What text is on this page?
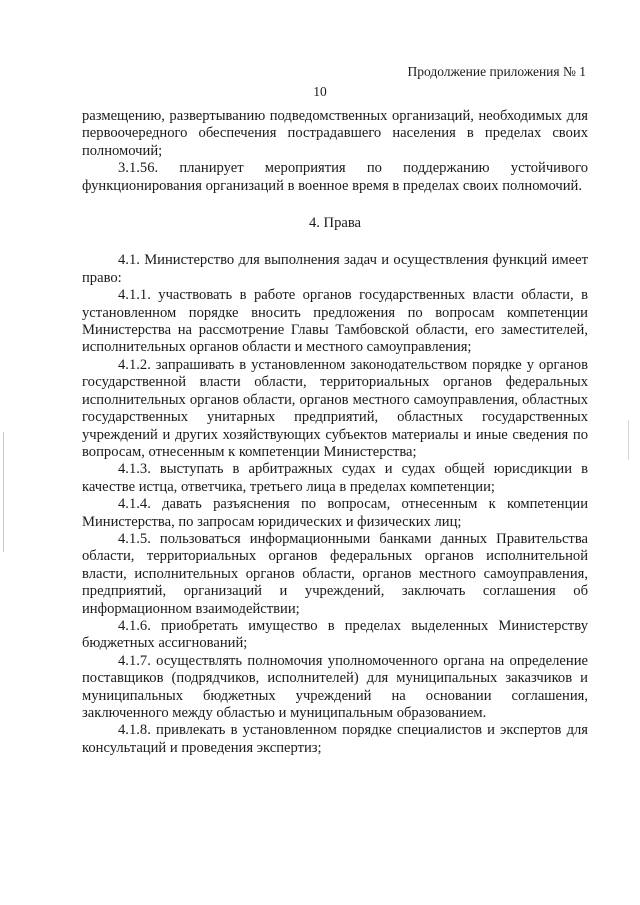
Продолжение приложения № 1
10

размещению, развертыванию подведомственных организаций, необходимых для первоочередного обеспечения пострадавшего населения в пределах своих полномочий;

3.1.56. планирует мероприятия по поддержанию устойчивого функционирования организаций в военное время в пределах своих полномочий.

4. Права

4.1. Министерство для выполнения задач и осуществления функций имеет право:

4.1.1. участвовать в работе органов государственных власти области, в установленном порядке вносить предложения по вопросам компетенции Министерства на рассмотрение Главы Тамбовской области, его заместителей, исполнительных органов области и местного самоуправления;

4.1.2. запрашивать в установленном законодательством порядке у органов государственной власти области, территориальных органов федеральных исполнительных органов области, органов местного самоуправления, областных государственных унитарных предприятий, областных государственных учреждений и других хозяйствующих субъектов материалы и иные сведения по вопросам, отнесенным к компетенции Министерства;

4.1.3. выступать в арбитражных судах и судах общей юрисдикции в качестве истца, ответчика, третьего лица в пределах компетенции;

4.1.4. давать разъяснения по вопросам, отнесенным к компетенции Министерства, по запросам юридических и физических лиц;

4.1.5. пользоваться информационными банками данных Правительства области, территориальных органов федеральных органов исполнительной власти, исполнительных органов области, органов местного самоуправления, предприятий, организаций и учреждений, заключать соглашения об информационном взаимодействии;

4.1.6. приобретать имущество в пределах выделенных Министерству бюджетных ассигнований;

4.1.7. осуществлять полномочия уполномоченного органа на определение поставщиков (подрядчиков, исполнителей) для муниципальных заказчиков и муниципальных бюджетных учреждений на основании соглашения, заключенного между областью и муниципальным образованием.

4.1.8. привлекать в установленном порядке специалистов и экспертов для консультаций и проведения экспертиз;
